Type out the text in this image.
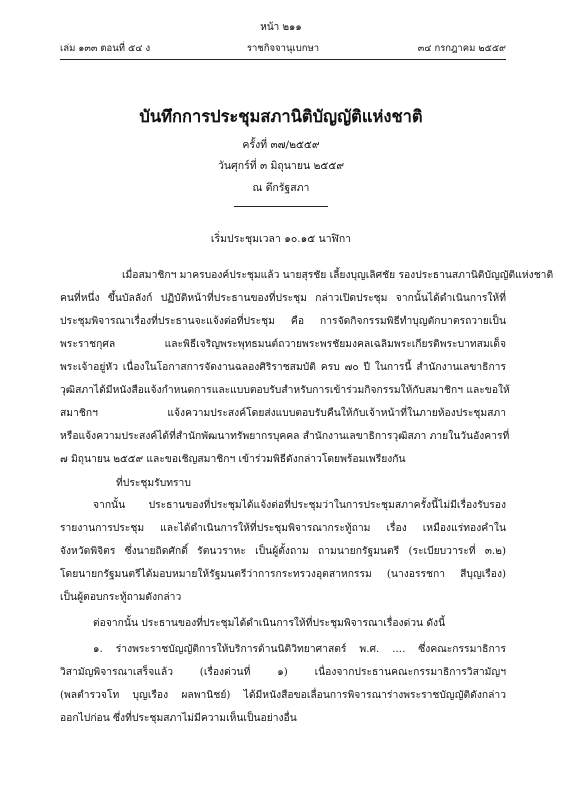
หน้า ๒๑๑
เล่ม ๑๓๓ ตอนที่ ๕๔ ง	ราชกิจจานุเบกษา	๓๔ กรกฎาคม ๒๕๕๙
บันทึกการประชุมสภานิติบัญญัติแห่งชาติ
ครั้งที่ ๓๗/๒๕๕๙
วันศุกร์ที่ ๓ มิถุนายน ๒๕๕๙
ณ ตึกรัฐสภา
เริ่มประชุมเวลา ๑๐.๑๕ นาฬิกา
เมื่อสมาชิกฯ มาครบองค์ประชุมแล้ว นายสุรชัย เลี้ยงบุญเลิศชัย รองประธานสภานิติบัญญัติแห่งชาติ
คนที่หนึ่ง ขึ้นบัลลังก์ ปฏิบัติหน้าที่ประธานของที่ประชุม กล่าวเปิดประชุม จากนั้นได้ดำเนินการให้ที่
ประชุมพิจารณาเรื่องที่ประธานจะแจ้งต่อที่ประชุม คือ การจัดกิจกรรมพิธีทำบุญตักบาตรถวายเป็น
พระราชกุศล และพิธีเจริญพระพุทธมนต์ถวายพระพรชัยมงคลเฉลิมพระเกียรติพระบาทสมเด็จ
พระเจ้าอยู่หัว เนื่องในโอกาสการจัดงานฉลองศิริราชสมบัติ ครบ ๗๐ ปี ในการนี้ สำนักงานเลขาธิการ
วุฒิสภาได้มีหนังสือแจ้งกำหนดการและแบบตอบรับสำหรับการเข้าร่วมกิจกรรมให้กับสมาชิกฯ และขอให้
สมาชิกฯ แจ้งความประสงค์โดยส่งแบบตอบรับคืนให้กับเจ้าหน้าที่ในภายห้องประชุมสภา
หรือแจ้งความประสงค์ได้ที่สำนักพัฒนาทรัพยากรบุคคล สำนักงานเลขาธิการวุฒิสภา ภายในวันอังคารที่
๗ มิถุนายน ๒๕๕๙ และขอเชิญสมาชิกฯ เข้าร่วมพิธีดังกล่าวโดยพร้อมเพรียงกัน
ที่ประชุมรับทราบ
จากนั้น ประธานของที่ประชุมได้แจ้งต่อที่ประชุมว่าในการประชุมสภาครั้งนี้ไม่มีเรื่องรับรอง
รายงานการประชุม และได้ดำเนินการให้ที่ประชุมพิจารณากระทู้ถาม เรื่อง เหมืองแร่ทองคำใน
จังหวัดพิจิตร ซึ่งนายถิดศักดิ์ รัตนวราหะ เป็นผู้ตั้งถาม ถามนายกรัฐมนตรี (ระเบียบวาระที่ ๓.๒)
โดยนายกรัฐมนตรีได้มอบหมายให้รัฐมนตรีว่าการกระทรวงอุตสาหกรรม (นางอรรชกา สีบุญเรือง)
เป็นผู้ตอบกระทู้ถามดังกล่าว
ต่อจากนั้น ประธานของที่ประชุมได้ดำเนินการให้ที่ประชุมพิจารณาเรื่องด่วน ดังนี้
๑. ร่างพระราชบัญญัติการให้บริการด้านนิติวิทยาศาสตร์ พ.ศ. .... ซึ่งคณะกรรมาธิการ
วิสามัญพิจารณาเสร็จแล้ว (เรื่องด่วนที่ ๑) เนื่องจากประธานคณะกรรมาธิการวิสามัญฯ
(พลตำรวจโท บุญเรือง ผลพานิชย์) ได้มีหนังสือขอเลื่อนการพิจารณาร่างพระราชบัญญัติดังกล่าว
ออกไปก่อน ซึ่งที่ประชุมสภาไม่มีความเห็นเป็นอย่างอื่น
